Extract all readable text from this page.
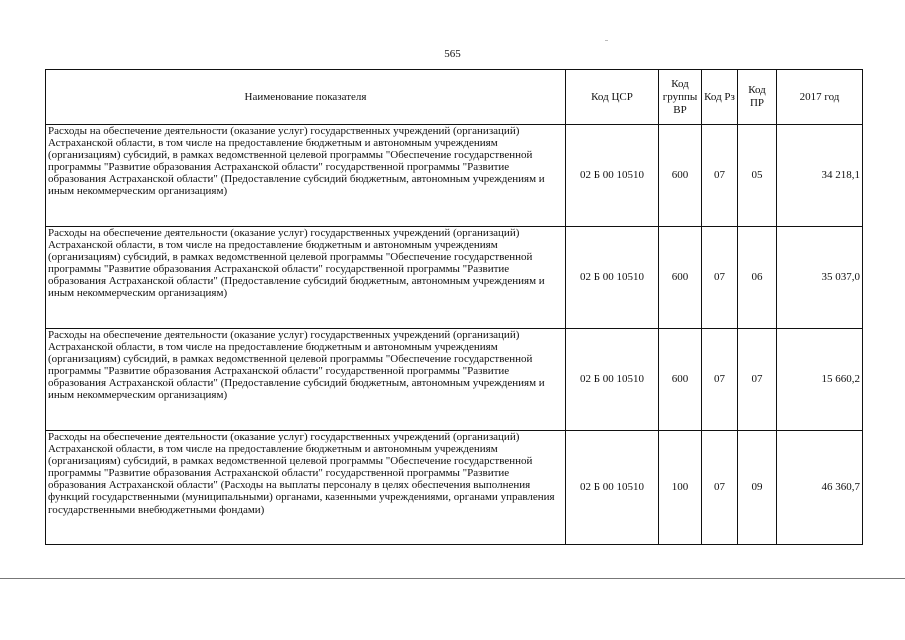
565
Наименование показателя	Код ЦСР	Код группы ВР	Код Рз	Код ПР	2017 год
Расходы на обеспечение деятельности (оказание услуг) государственных учреждений (организаций) Астраханской области, в том числе на предоставление бюджетным и автономным учреждениям (организациям) субсидий, в рамках ведомственной целевой программы "Обеспечение государственной программы "Развитие образования Астраханской области" государственной программы "Развитие образования Астраханской области" (Предоставление субсидий бюджетным, автономным учреждениям и иным некоммерческим организациям)	02 Б 00 10510	600	07	05	34 218,1
Расходы на обеспечение деятельности (оказание услуг) государственных учреждений (организаций) Астраханской области, в том числе на предоставление бюджетным и автономным учреждениям (организациям) субсидий, в рамках ведомственной целевой программы "Обеспечение государственной программы "Развитие образования Астраханской области" государственной программы "Развитие образования Астраханской области" (Предоставление субсидий бюджетным, автономным учреждениям и иным некоммерческим организациям)	02 Б 00 10510	600	07	06	35 037,0
Расходы на обеспечение деятельности (оказание услуг) государственных учреждений (организаций) Астраханской области, в том числе на предоставление бюджетным и автономным учреждениям (организациям) субсидий, в рамках ведомственной целевой программы "Обеспечение государственной программы "Развитие образования Астраханской области" государственной программы "Развитие образования Астраханской области" (Предоставление субсидий бюджетным, автономным учреждениям и иным некоммерческим организациям)	02 Б 00 10510	600	07	07	15 660,2
Расходы на обеспечение деятельности (оказание услуг) государственных учреждений (организаций) Астраханской области, в том числе на предоставление бюджетным и автономным учреждениям (организациям) субсидий, в рамках ведомственной целевой программы "Обеспечение государственной программы "Развитие образования Астраханской области" государственной программы "Развитие образования Астраханской области" (Расходы на выплаты персоналу в целях обеспечения выполнения функций государственными (муниципальными) органами, казенными учреждениями, органами управления государственными внебюджетными фондами)	02 Б 00 10510	100	07	09	46 360,7
